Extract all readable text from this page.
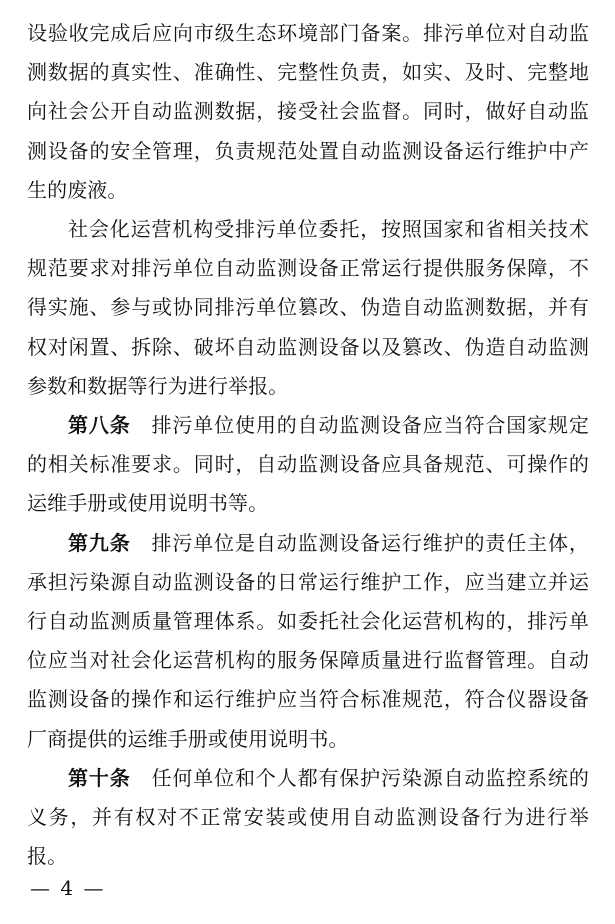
设验收完成后应向市级生态环境部门备案。排污单位对自动监测数据的真实性、准确性、完整性负责，如实、及时、完整地向社会公开自动监测数据，接受社会监督。同时，做好自动监测设备的安全管理，负责规范处置自动监测设备运行维护中产生的废液。

社会化运营机构受排污单位委托，按照国家和省相关技术规范要求对排污单位自动监测设备正常运行提供服务保障，不得实施、参与或协同排污单位篡改、伪造自动监测数据，并有权对闲置、拆除、破坏自动监测设备以及篡改、伪造自动监测参数和数据等行为进行举报。

第八条　 排污单位使用的自动监测设备应当符合国家规定的相关标准要求。同时，自动监测设备应具备规范、可操作的运维手册或使用说明书等。

第九条　 排污单位是自动监测设备运行维护的责任主体，承担污染源自动监测设备的日常运行维护工作，应当建立并运行自动监测质量管理体系。如委托社会化运营机构的，排污单位应当对社会化运营机构的服务保障质量进行监督管理。自动监测设备的操作和运行维护应当符合标准规范，符合仪器设备厂商提供的运维手册或使用说明书。

第十条　 任何单位和个人都有保护污染源自动监控系统的义务，并有权对不正常安装或使用自动监测设备行为进行举报。

— 4 —
